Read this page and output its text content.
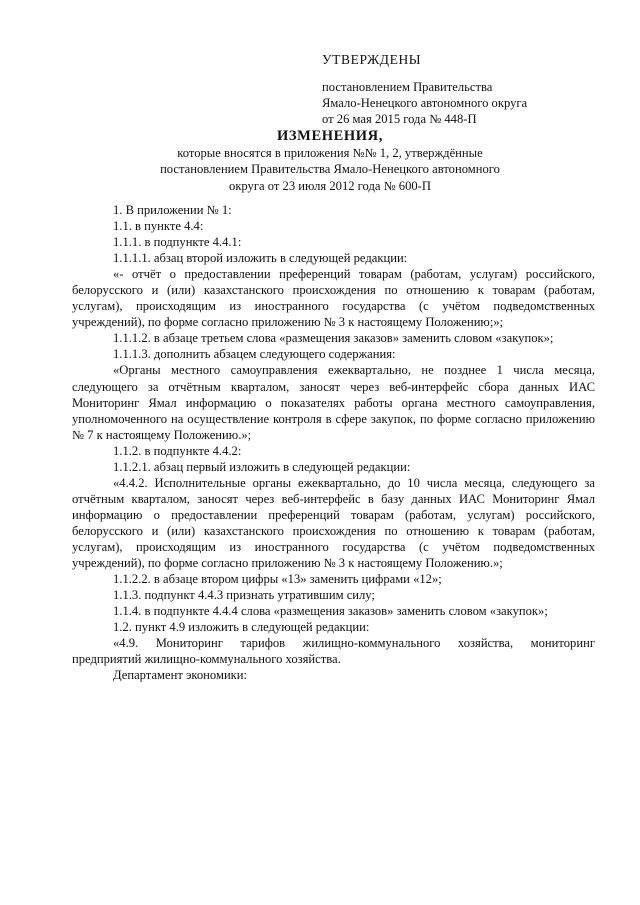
УТВЕРЖДЕНЫ
постановлением Правительства
Ямало-Ненецкого автономного округа
от 26 мая 2015 года № 448-П
ИЗМЕНЕНИЯ,
которые вносятся в приложения №№ 1, 2, утверждённые
постановлением Правительства Ямало-Ненецкого автономного
округа от 23 июля 2012 года № 600-П

1. В приложении № 1:

1.1. в пункте 4.4:

1.1.1. в подпункте 4.4.1:

1.1.1.1. абзац второй изложить в следующей редакции:

«- отчёт о предоставлении преференций товарам (работам, услугам) российского, белорусского и (или) казахстанского происхождения по отношению к товарам (работам, услугам), происходящим из иностранного государства (с учётом подведомственных учреждений), по форме согласно приложению № 3 к настоящему Положению;»;

1.1.1.2. в абзаце третьем слова «размещения заказов» заменить словом «закупок»;

1.1.1.3. дополнить абзацем следующего содержания:

«Органы местного самоуправления ежеквартально, не позднее 1 числа месяца, следующего за отчётным кварталом, заносят через веб-интерфейс сбора данных ИАС Мониторинг Ямал информацию о показателях работы органа местного самоуправления, уполномоченного на осуществление контроля в сфере закупок, по форме согласно приложению № 7 к настоящему Положению.»;

1.1.2. в подпункте 4.4.2:

1.1.2.1. абзац первый изложить в следующей редакции:

«4.4.2. Исполнительные органы ежеквартально, до 10 числа месяца, следующего за отчётным кварталом, заносят через веб-интерфейс в базу данных ИАС Мониторинг Ямал информацию о предоставлении преференций товарам (работам, услугам) российского, белорусского и (или) казахстанского происхождения по отношению к товарам (работам, услугам), происходящим из иностранного государства (с учётом подведомственных учреждений), по форме согласно приложению № 3 к настоящему Положению.»;

1.1.2.2. в абзаце втором цифры «13» заменить цифрами «12»;

1.1.3. подпункт 4.4.3 признать утратившим силу;

1.1.4. в подпункте 4.4.4 слова «размещения заказов» заменить словом «закупок»;

1.2. пункт 4.9 изложить в следующей редакции:

«4.9. Мониторинг тарифов жилищно-коммунального хозяйства, мониторинг предприятий жилищно-коммунального хозяйства.

Департамент экономики:
